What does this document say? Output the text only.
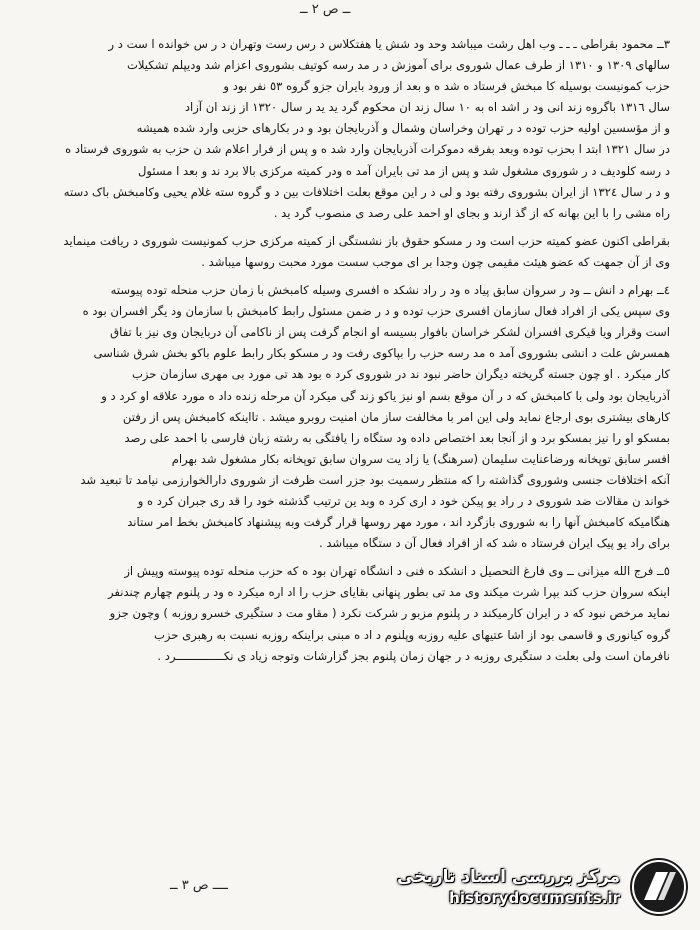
ــ ص ٢ ــ
٣ــ محمود بقراطی ـ ـ ـ وب اهل رشت میباشد وحد ود شش یا هفتکلاس د رس رست وتهران د ر س خوانده ا ست د ر
سالهای ١٣٠٩ و ١٣١٠ از طرف عمال شوروی برای آموزش د ر مد رسه کوتیف بشوروی اعزام شد ودیپلم تشکیلات
حزب کمونیست بوسیله کا مبخش فرستاد ه شد ه و بعد از ورود بایران جزو گروه ٥٣ نفر بود و
سال ١٣١٦ باگروه زند انی ود ر اشد اه به ١٠ سال زند ان محکوم گرد ید ید ر سال ١٣٢٠ از زند ان آزاد
و از مؤسسین اولیه حزب توده د ر تهران وخراسان وشمال و آذربایجان بود و در بکارهای حزبی وارد شده همیشه
در سال ١٣٢١ ابتد ا بحزب توده وبعد بفرقه دموکرات آذربایجان وارد شد ه و پس از فرار اعلام شد ن حزب به شوروی فرستاد ه
د رسه کلودیف د ر شوروی مشغول شد و پس از مد تی بایران آمد ه ودر کمیته مرکزی بالا برد ند و بعد ا مسئول
و د ر سال ١٣٢٤ از ایران بشوروی رفته بود و لی د ر این موقع بعلت اختلافات بین د و گروه سته غلام یحیی وکامبخش باک دسته
راه مشی را با این بهانه که از گذ ارند و بجای او احمد علی رصد ی منصوب گرد ید .
بقراطی اکنون عضو کمیته حزب است ود ر مسکو حقوق باز نشستگی از کمیته مرکزی حزب کمونیست شوروی د ریافت مینماید
وی از آن جمهت که عضو هیئت مقیمی چون وجدا بر ای موجب سست مورد محبت روسها میباشد .
٤ــ بهرام د انش ــ ود ر سروان سابق پیاد ه ود ر راد نشکد ه افسری وسیله کامبخش با زمان حزب منحله توده پیوسته
وی سپس یکی از افراد فعال سازمان افسری حزب توده و د ر ضمن مسئول رابط کامبخش با سازمان ود یگر افسران بود ه
است وقرار ویا قیکری افسران لشکر خراسان بافوار بسیسه او انجام گرفت پس از ناکامی آن دربایجان وی نیز با تفاق
همسرش علت د انشی بشوروی آمد ه مد رسه حزب را بپاکوی رفت ود ر مسکو بکار رابط علوم باکو بخش شرق شناسی
کار میکرد . او چون جسته گریخته دیگران حاضر نبود ند در شوروی کرد ه بود هد تی مورد بی مهری سازمان حزب
آذربایجان بود ولی با کامبخش که د ر آن موقع بسم او نیز یاکو زند گی میکرد آن مرحله زنده داد ه مورد علاقه او کرد د و
کارهای بیشتری بوی ارجاع نماید ولی این امر با مخالفت ساز مان امنیت روبرو میشد . تااینکه کامبخش پس از رفتن
بمسکو او را نیز بمسکو برد و از آنجا بعد اختصاص داده ود ستگاه را یافتگی به رشته زبان فارسی با احمد علی رصد
افسر سابق توپخانه ورضاعنایت سلیمان (سرهنگ) یا زاد یت سروان سابق توپخانه بکار مشغول شد بهرام
آنکه اختلافات جنسی وشوروی گذاشته را که منتظر رسمیت بود جزر است ظرفت از شوروی دارالخوارزمی نیامد تا تبعید شد
خواند ن مقالات ضد شوروی د ر راد یو پیکن خود د اری کرد ه وبد ین ترتیب گذشته خود را قد ری جبران کرد ه و
هنگامیکه کامبخش آنها را به شوروی بازگرد اند ، مورد مهر روسها قرار گرفت وبه پیشنهاد کامبخش بخط امر ستاند
برای راد یو پیک ایران فرستاد ه شد که از افراد فعال آن د ستگاه میباشد .
٥ــ فرج الله میزانی ــ وی فارغ التحصیل د انشکد ه فنی د انشگاه تهران بود ه که حزب منحله توده پیوسته وپیش از
اینکه سروان حزب کند بپرا شرت میکند وی مد تی بطور پنهانی بقایای حزب را اد اره میکرد ه ود ر پلنوم چهارم چندنفر
نماید مرخص نبود که د ر ایران کارمیکند د ر پلنوم مزبو ر شرکت نکرد ( مقاو مت د ستگیری خسرو روزبه ) وچون جزو
گروه کیانوری و قاسمی بود از اشا عتیهای علیه روزبه وپلنوم د اد ه مبنی براینکه روزبه نسبت به رهبری حزب
نافرمان است ولی بعلت د ستگیری روزبه د ر جهان زمان پلنوم بجز گزارشات وتوجه زیاد ی نکــــــــــــــرد .
ــــ ص ٣ ــ	مرکز بررسی اسناد تاریخی
historydocuments.ir
